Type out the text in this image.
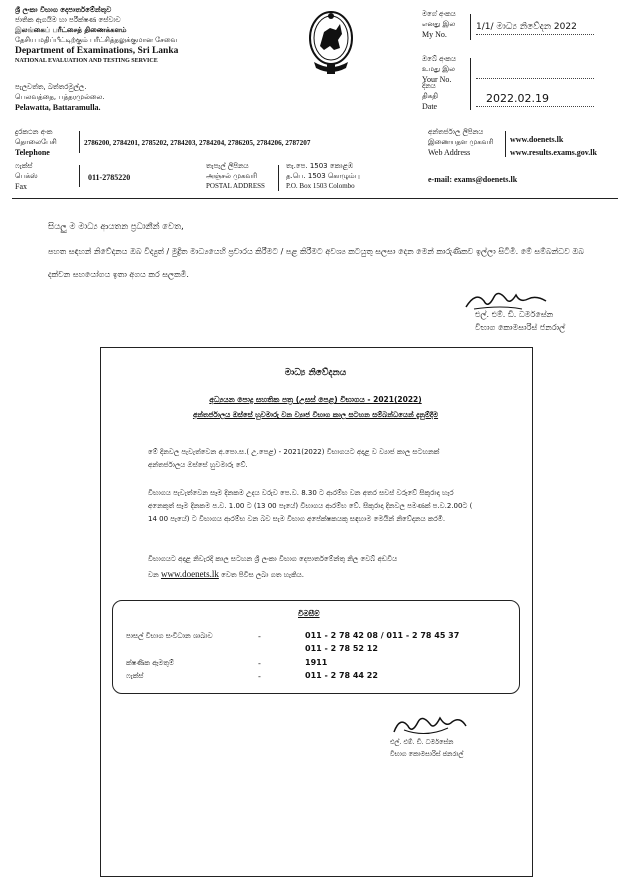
ශ්‍රී ලංකා විභාග දෙපාර්තමේන්තුව
ජාතික ඇගයීම හා පරීක්ෂණ සේවාව
இலங்கைப் பரீட்சைத் திணைக்களம்
தேசிய மதிப்பீட்டிற்கும் பரீட்சித்தலுக்குமான சேவை
Department of Examinations, Sri Lanka
NATIONAL EVALUATION AND TESTING SERVICE
පැලවත්ත, බත්තරමුල්ල.
பெலவத்தை, பத்தரமுல்லை.
Pelawatta, Battaramulla.
මගේ අංකය
எனது இல
My No.
1/1/ මාධ්‍ය නිවේදන 2022
ඔබේ අංකය
உமது இல
Your No.
දිනය
திகதி
Date
2022.02.19
දුරකථන අංක
தொலைபேசி
Telephone
2786200, 2784201, 2785202, 2784203, 2784204, 2786205, 2784206, 2787207
අන්තර්ජාල ලිපිනය
இணையதள முகவரி
Web Address
www.doenets.lk
www.results.exams.gov.lk
ෆැක්ස්
பெக்ஸ்
Fax
011-2785220
තැපැල් ලිපිනය
அஞ்சல் முகவரி
POSTAL ADDRESS
තැ.පෙ. 1503 කොළඹ
த.பெ. 1503 கொழும்பு
P.O. Box 1503 Colombo
e-mail: exams@doenets.lk
සියලු ම මාධ්‍ය ආයතන ප්‍රධානීන් වෙත,

පහත සඳහන් නිවේදනය ඔබ විද්‍යුත් / මුද්‍රිත මාධ්‍යයෙහි ප්‍රචාරය කිරීමට / පළ කිරීමට අවශ්‍ය කටයුතු සලසා දෙන මෙන් කාරුණිකව ඉල්ලා සිටිමි. මේ සම්බන්ධව ඔබ දක්වන සහයෝගය ඉතා අගය කර සලකමි.

එල්. එම්. ඩී. ධර්මසේන
විභාග කොමසාරිස් ජනරාල්
මාධ්‍ය නිවේදනය
අධ්‍යයන පොදු සහතික පත්‍ර (උසස් පෙළ) විභාගය - 2021(2022)
අන්තර්ජාලය ඔස්සේ හුවමාරු වන ව්‍යාජ විභාග කාල සටහන සම්බන්ධයෙන් දැනුම්දීම

මේ දිනවල පැවැත්වෙන අ.පො.ස.( උ.පෙළ) - 2021(2022) විභාගයට අදාළ ව ව්‍යාජ කාල සටහනක් අන්තර්ජාලය ඔස්සේ හුවමාරු වේ.

විභාගය පැවැත්වෙන සෑම දිනකම උදය වරුව පෙ.ව. 8.30 ට ආරම්භ වන අතර සවස් වරුවේ සිකුරාදා හැර අනෙකුත් සෑම දිනකම ප.ව. 1.00 ට (13 00 පැයේ) විභාගය ආරම්භ වේ. සිකුරාදා දිනවල පමණක් ප.ව.2.00ට ( 14 00 පැයේ) ට විභාගය ආරම්භ වන බව සැම විභාග අපේක්ෂකයකු සඳහාම මෙයින් නිවේදනය කරමි.

විභාගයට අදාළ නිවැරදි කාල සටහන ශ්‍රී ලංකා විභාග දෙපාර්තමේන්තු නිල වෙබ් අඩවිය
වන www.doenets.lk වෙත පිවිස ලබා ගත හැකිය.
විමසීම්
පාසල් විභාග සංවිධාන ශාඛාව	-	011 - 2 78 42 08 / 011 - 2 78 45 37
011 - 2 78 52 12
ක්ෂණික ඇමතුම්	-	1911
ෆැක්ස්	-	011 - 2 78 44 22
එල්. එම්. ඩී. ධර්මසේන
විභාග කොමසාරිස් ජනරාල්
